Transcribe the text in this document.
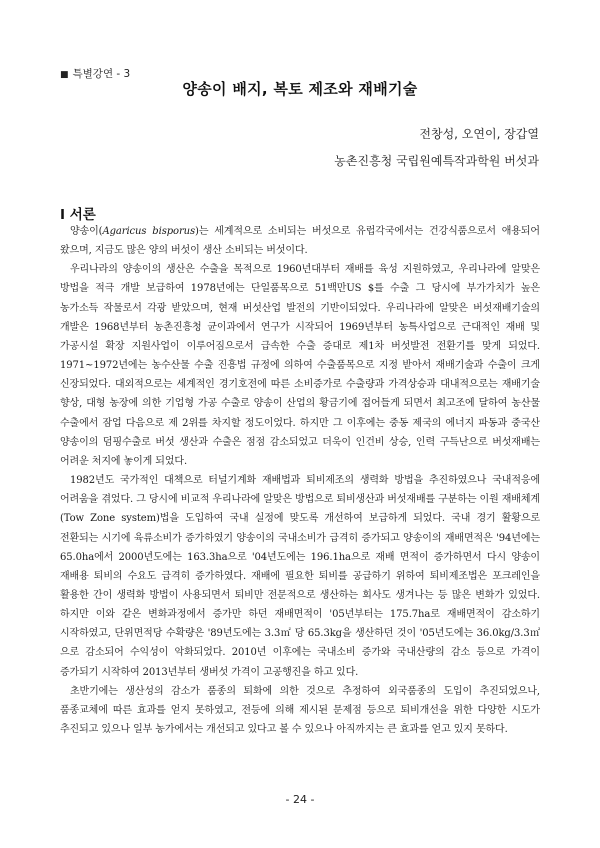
■ 특별강연 - 3
양송이 배지, 복토 제조와 재배기술
전창성, 오연이, 장갑열
농촌진흥청 국립원예특작과학원 버섯과
Ⅰ 서론

양송이(Agaricus bisporus)는 세계적으로 소비되는 버섯으로 유럽각국에서는 건강식품으로서 애용되어 왔으며, 지금도 많은 양의 버섯이 생산 소비되는 버섯이다.

우리나라의 양송이의 생산은 수출을 목적으로 1960년대부터 재배를 육성 지원하였고, 우리나라에 알맞은 방법을 적극 개발 보급하여 1978년에는 단일품목으로 51백만US $를 수출 그 당시에 부가가치가 높은 농가소득 작물로서 각광 받았으며, 현재 버섯산업 발전의 기반이되었다. 우리나라에 알맞은 버섯재배기술의 개발은 1968년부터 농촌진흥청 균이과에서 연구가 시작되어 1969년부터 농특사업으로 근대적인 재배 및 가공시설 확장 지원사업이 이루어짐으로서 급속한 수출 증대로 제1차 버섯발전 전환기를 맞게 되었다. 1971~1972년에는 농수산물 수출 진흥법 규정에 의하여 수출품목으로 지정 받아서 재배기술과 수출이 크게 신장되었다. 대외적으로는 세계적인 경기호전에 따른 소비증가로 수출량과 가격상승과 대내적으로는 재배기술 향상, 대형 농장에 의한 기업형 가공 수출로 양송이 산업의 황금기에 접어들게 되면서 최고조에 달하여 농산물 수출에서 잠업 다음으로 제 2위를 차지할 정도이었다. 하지만 그 이후에는 중동 제국의 에너지 파동과 중국산 양송이의 덤핑수출로 버섯 생산과 수출은 점점 감소되었고 더욱이 인건비 상승, 인력 구득난으로 버섯재배는 어려운 처지에 놓이게 되었다.

1982년도 국가적인 대책으로 터널기계화 재배법과 퇴비제조의 생력화 방법을 추진하였으나 국내적응에 어려움을 겪었다. 그 당시에 비교적 우리나라에 알맞은 방법으로 퇴비생산과 버섯재배를 구분하는 이원 재배체계(Tow Zone system)법을 도입하여 국내 실정에 맞도록 개선하여 보급하게 되었다. 국내 경기 활황으로 전환되는 시기에 육류소비가 증가하였기 양송이의 국내소비가 급격히 증가되고 양송이의 재배면적은 '94년에는 65.0ha에서 2000년도에는 163.3ha으로 '04년도에는 196.1ha으로 재배 면적이 증가하면서 다시 양송이 재배용 퇴비의 수요도 급격히 증가하였다. 재배에 필요한 퇴비를 공급하기 위하여 퇴비제조법은 포크레인을 활용한 간이 생력화 방법이 사용되면서 퇴비만 전문적으로 생산하는 회사도 생겨나는 등 많은 변화가 있었다. 하지만 이와 같은 변화과정에서 증가만 하던 재배면적이 '05년부터는 175.7ha로 재배면적이 감소하기 시작하였고, 단위면적당 수확량은 '89년도에는 3.3㎡ 당 65.3kg을 생산하던 것이 '05년도에는 36.0kg/3.3㎡으로 감소되어 수익성이 악화되었다. 2010년 이후에는 국내소비 증가와 국내산량의 감소 등으로 가격이 증가되기 시작하여 2013년부터 생버섯 가격이 고공행진을 하고 있다.

초반기에는 생산성의 감소가 품종의 퇴화에 의한 것으로 추정하여 외국품종의 도입이 추진되었으나, 품종교체에 따른 효과를 얻지 못하였고, 전등에 의해 제시된 문제점 등으로 퇴비개선을 위한 다양한 시도가 추진되고 있으나 일부 농가에서는 개선되고 있다고 볼 수 있으나 아직까지는 큰 효과를 얻고 있지 못하다.

- 24 -
